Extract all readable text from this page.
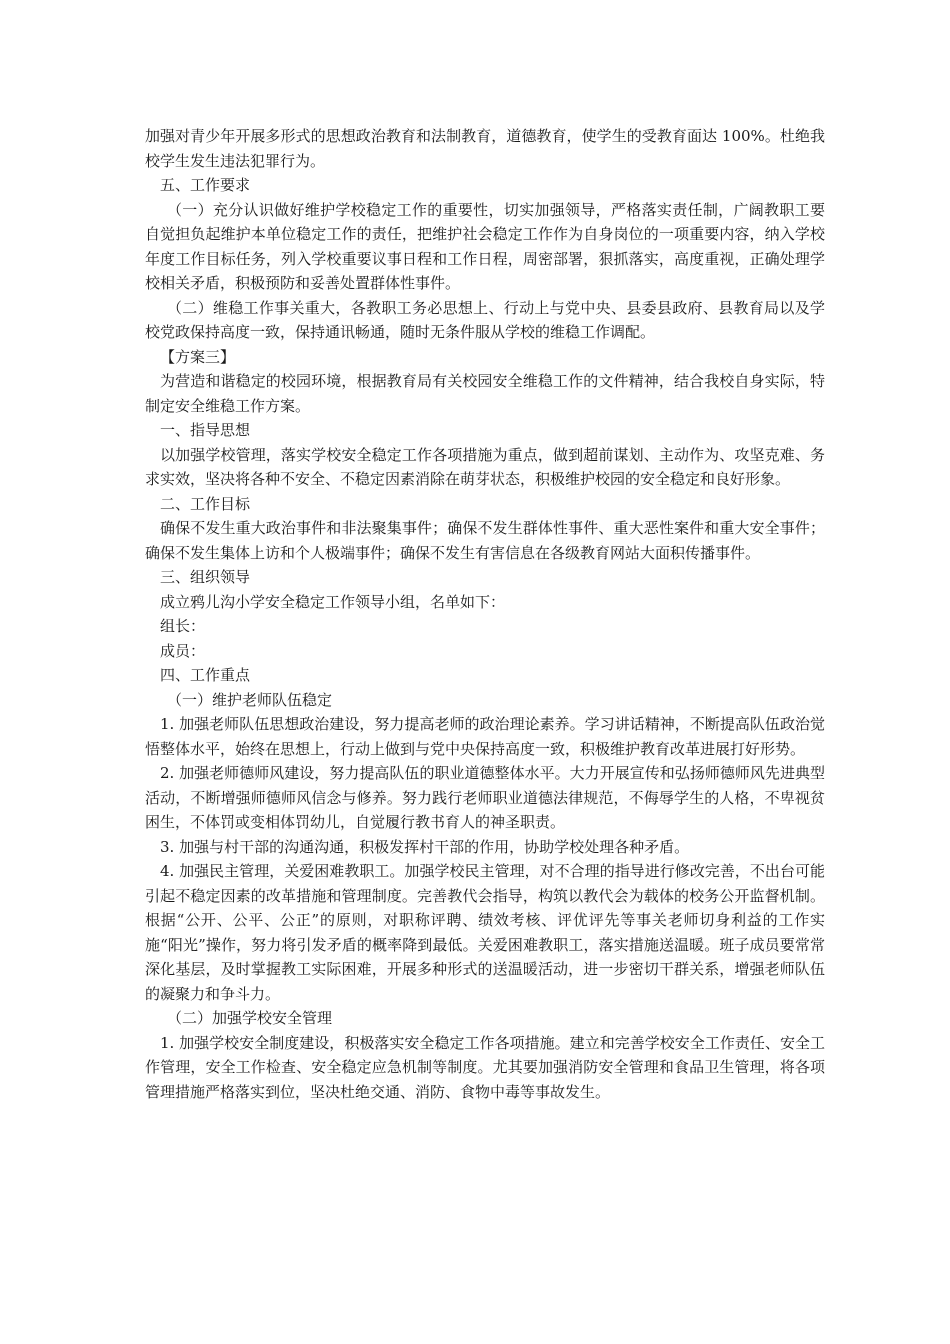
加强对青少年开展多形式的思想政治教育和法制教育，道德教育，使学生的受教育面达 100%。杜绝我校学生发生违法犯罪行为。

五、工作要求

（一）充分认识做好维护学校稳定工作的重要性，切实加强领导，严格落实责任制，广阔教职工要自觉担负起维护本单位稳定工作的责任，把维护社会稳定工作作为自身岗位的一项重要内容，纳入学校年度工作目标任务，列入学校重要议事日程和工作日程，周密部署，狠抓落实，高度重视，正确处理学校相关矛盾，积极预防和妥善处置群体性事件。

（二）维稳工作事关重大，各教职工务必思想上、行动上与党中央、县委县政府、县教育局以及学校党政保持高度一致，保持通讯畅通，随时无条件服从学校的维稳工作调配。

【方案三】

为营造和谐稳定的校园环境，根据教育局有关校园安全维稳工作的文件精神，结合我校自身实际，特制定安全维稳工作方案。

一、指导思想

以加强学校管理，落实学校安全稳定工作各项措施为重点，做到超前谋划、主动作为、攻坚克难、务求实效，坚决将各种不安全、不稳定因素消除在萌芽状态，积极维护校园的安全稳定和良好形象。

二、工作目标

确保不发生重大政治事件和非法聚集事件；确保不发生群体性事件、重大恶性案件和重大安全事件；确保不发生集体上访和个人极端事件；确保不发生有害信息在各级教育网站大面积传播事件。

三、组织领导

成立鸦儿沟小学安全稳定工作领导小组，名单如下：

组长：

成员：

四、工作重点

（一）维护老师队伍稳定

1. 加强老师队伍思想政治建设，努力提高老师的政治理论素养。学习讲话精神，不断提高队伍政治觉悟整体水平，始终在思想上，行动上做到与党中央保持高度一致，积极维护教育改革进展打好形势。

2. 加强老师德师风建设，努力提高队伍的职业道德整体水平。大力开展宣传和弘扬师德师风先进典型活动，不断增强师德师风信念与修养。努力践行老师职业道德法律规范，不侮辱学生的人格，不卑视贫困生，不体罚或变相体罚幼儿，自觉履行教书育人的神圣职责。

3. 加强与村干部的沟通沟通，积极发挥村干部的作用，协助学校处理各种矛盾。

4. 加强民主管理，关爱困难教职工。加强学校民主管理，对不合理的指导进行修改完善，不出台可能引起不稳定因素的改革措施和管理制度。完善教代会指导，构筑以教代会为载体的校务公开监督机制。根据“公开、公平、公正”的原则，对职称评聘、绩效考核、评优评先等事关老师切身利益的工作实施“阳光”操作，努力将引发矛盾的概率降到最低。关爱困难教职工，落实措施送温暖。班子成员要常常深化基层，及时掌握教工实际困难，开展多种形式的送温暖活动，进一步密切干群关系，增强老师队伍的凝聚力和争斗力。

（二）加强学校安全管理

1. 加强学校安全制度建设，积极落实安全稳定工作各项措施。建立和完善学校安全工作责任、安全工作管理，安全工作检查、安全稳定应急机制等制度。尤其要加强消防安全管理和食品卫生管理，将各项管理措施严格落实到位，坚决杜绝交通、消防、食物中毒等事故发生。
